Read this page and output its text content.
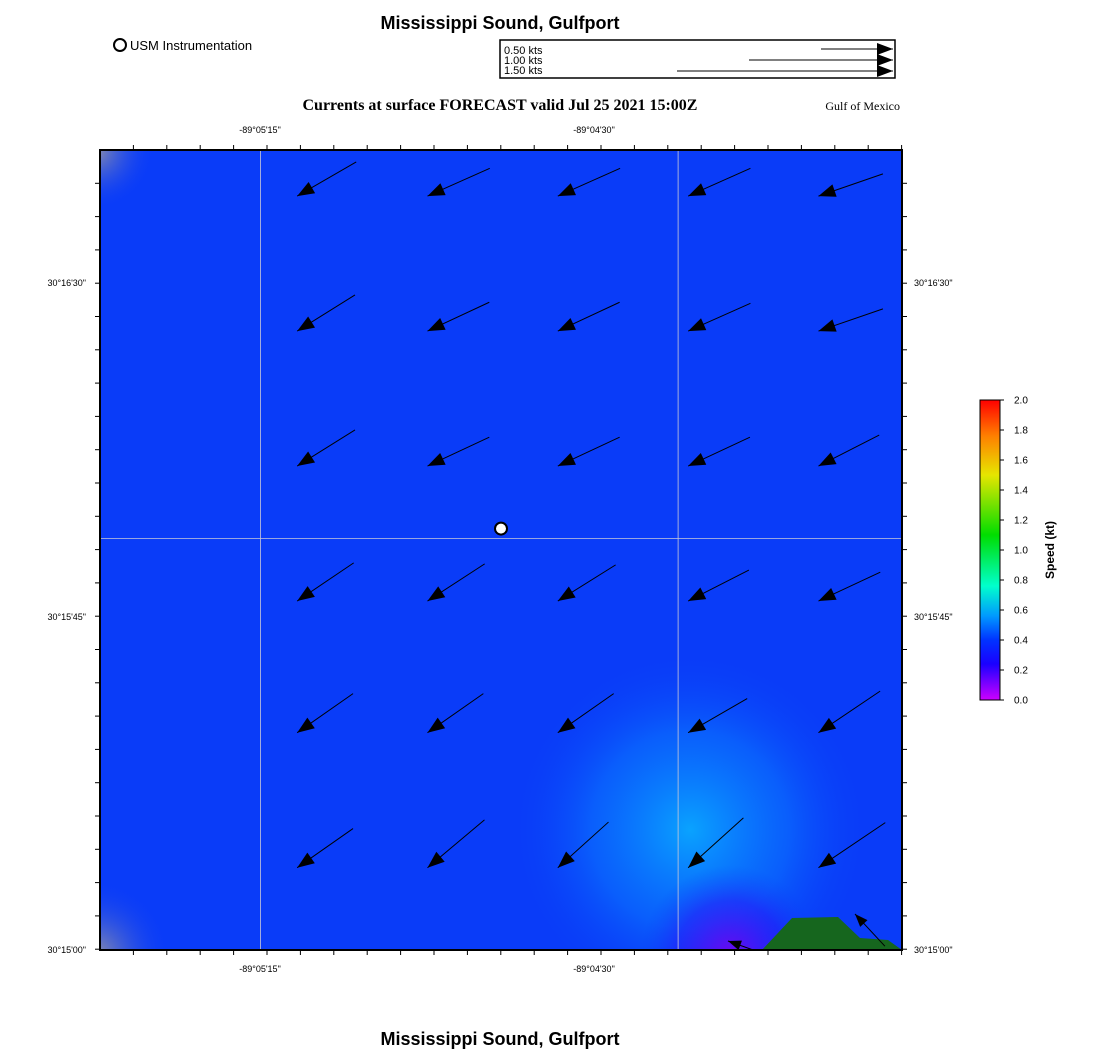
Mississippi Sound, Gulfport
USM Instrumentation	0.50 kts
1.00 kts
1.50 kts
Currents at surface FORECAST valid Jul 25 2021 15:00Z	Gulf of Mexico
-89°05'15"	-89°04'30"
-89°05'15"	-89°04'30"
30°16'30"
30°15'45"
30°15'00"
30°16'30"
30°15'45"
30°15'00"
2.0
1.8
1.6
1.4
1.2
1.0
0.8
0.6
0.4
0.2
0.0
Speed (kt)
Mississippi Sound, Gulfport
